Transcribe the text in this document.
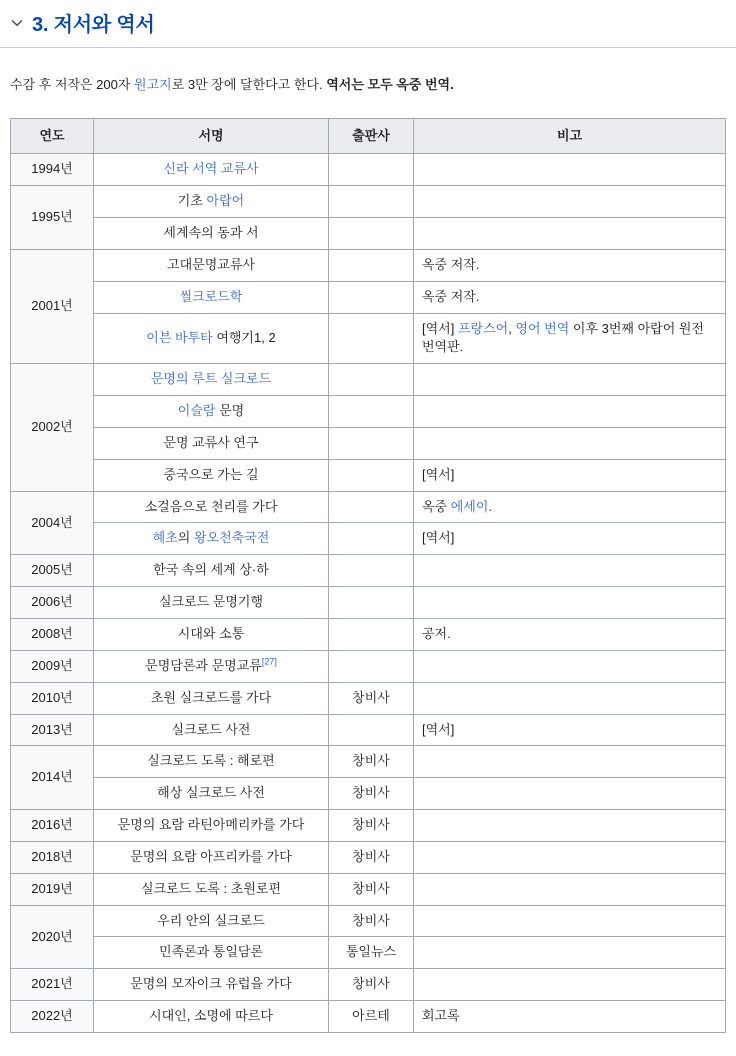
3. 저서와 역서

수감 후 저작은 200자 원고지로 3만 장에 달한다고 한다. 역서는 모두 옥중 번역.

연도	서명	출판사	비고
1994년	신라 서역 교류사		
1995년	기초 아랍어		
	세계속의 동과 서		
2001년	고대문명교류사		옥중 저작.
	씰크로드학		옥중 저작.
	이븐 바투타 여행기1, 2		[역서] 프랑스어, 영어 번역 이후 3번째 아랍어 원전 번역판.
2002년	문명의 루트 실크로드		
	이슬람 문명		
	문명 교류사 연구		
	중국으로 가는 길		[역서]
2004년	소걸음으로 천리를 가다		옥중 에세이.
	혜초의 왕오천축국전		[역서]
2005년	한국 속의 세계 상·하		
2006년	실크로드 문명기행		
2008년	시대와 소통		공저.
2009년	문명담론과 문명교류[27]		
2010년	초원 실크로드를 가다	창비사	
2013년	실크로드 사전		[역서]
2014년	실크로드 도록 : 해로편	창비사	
	해상 실크로드 사전	창비사	
2016년	문명의 요람 라틴아메리카를 가다	창비사	
2018년	문명의 요람 아프리카를 가다	창비사	
2019년	실크로드 도록 : 초원로편	창비사	
2020년	우리 안의 실크로드	창비사	
	민족론과 통일담론	통일뉴스	
2021년	문명의 모자이크 유럽을 가다	창비사	
2022년	시대인, 소명에 따르다	아르테	회고록
